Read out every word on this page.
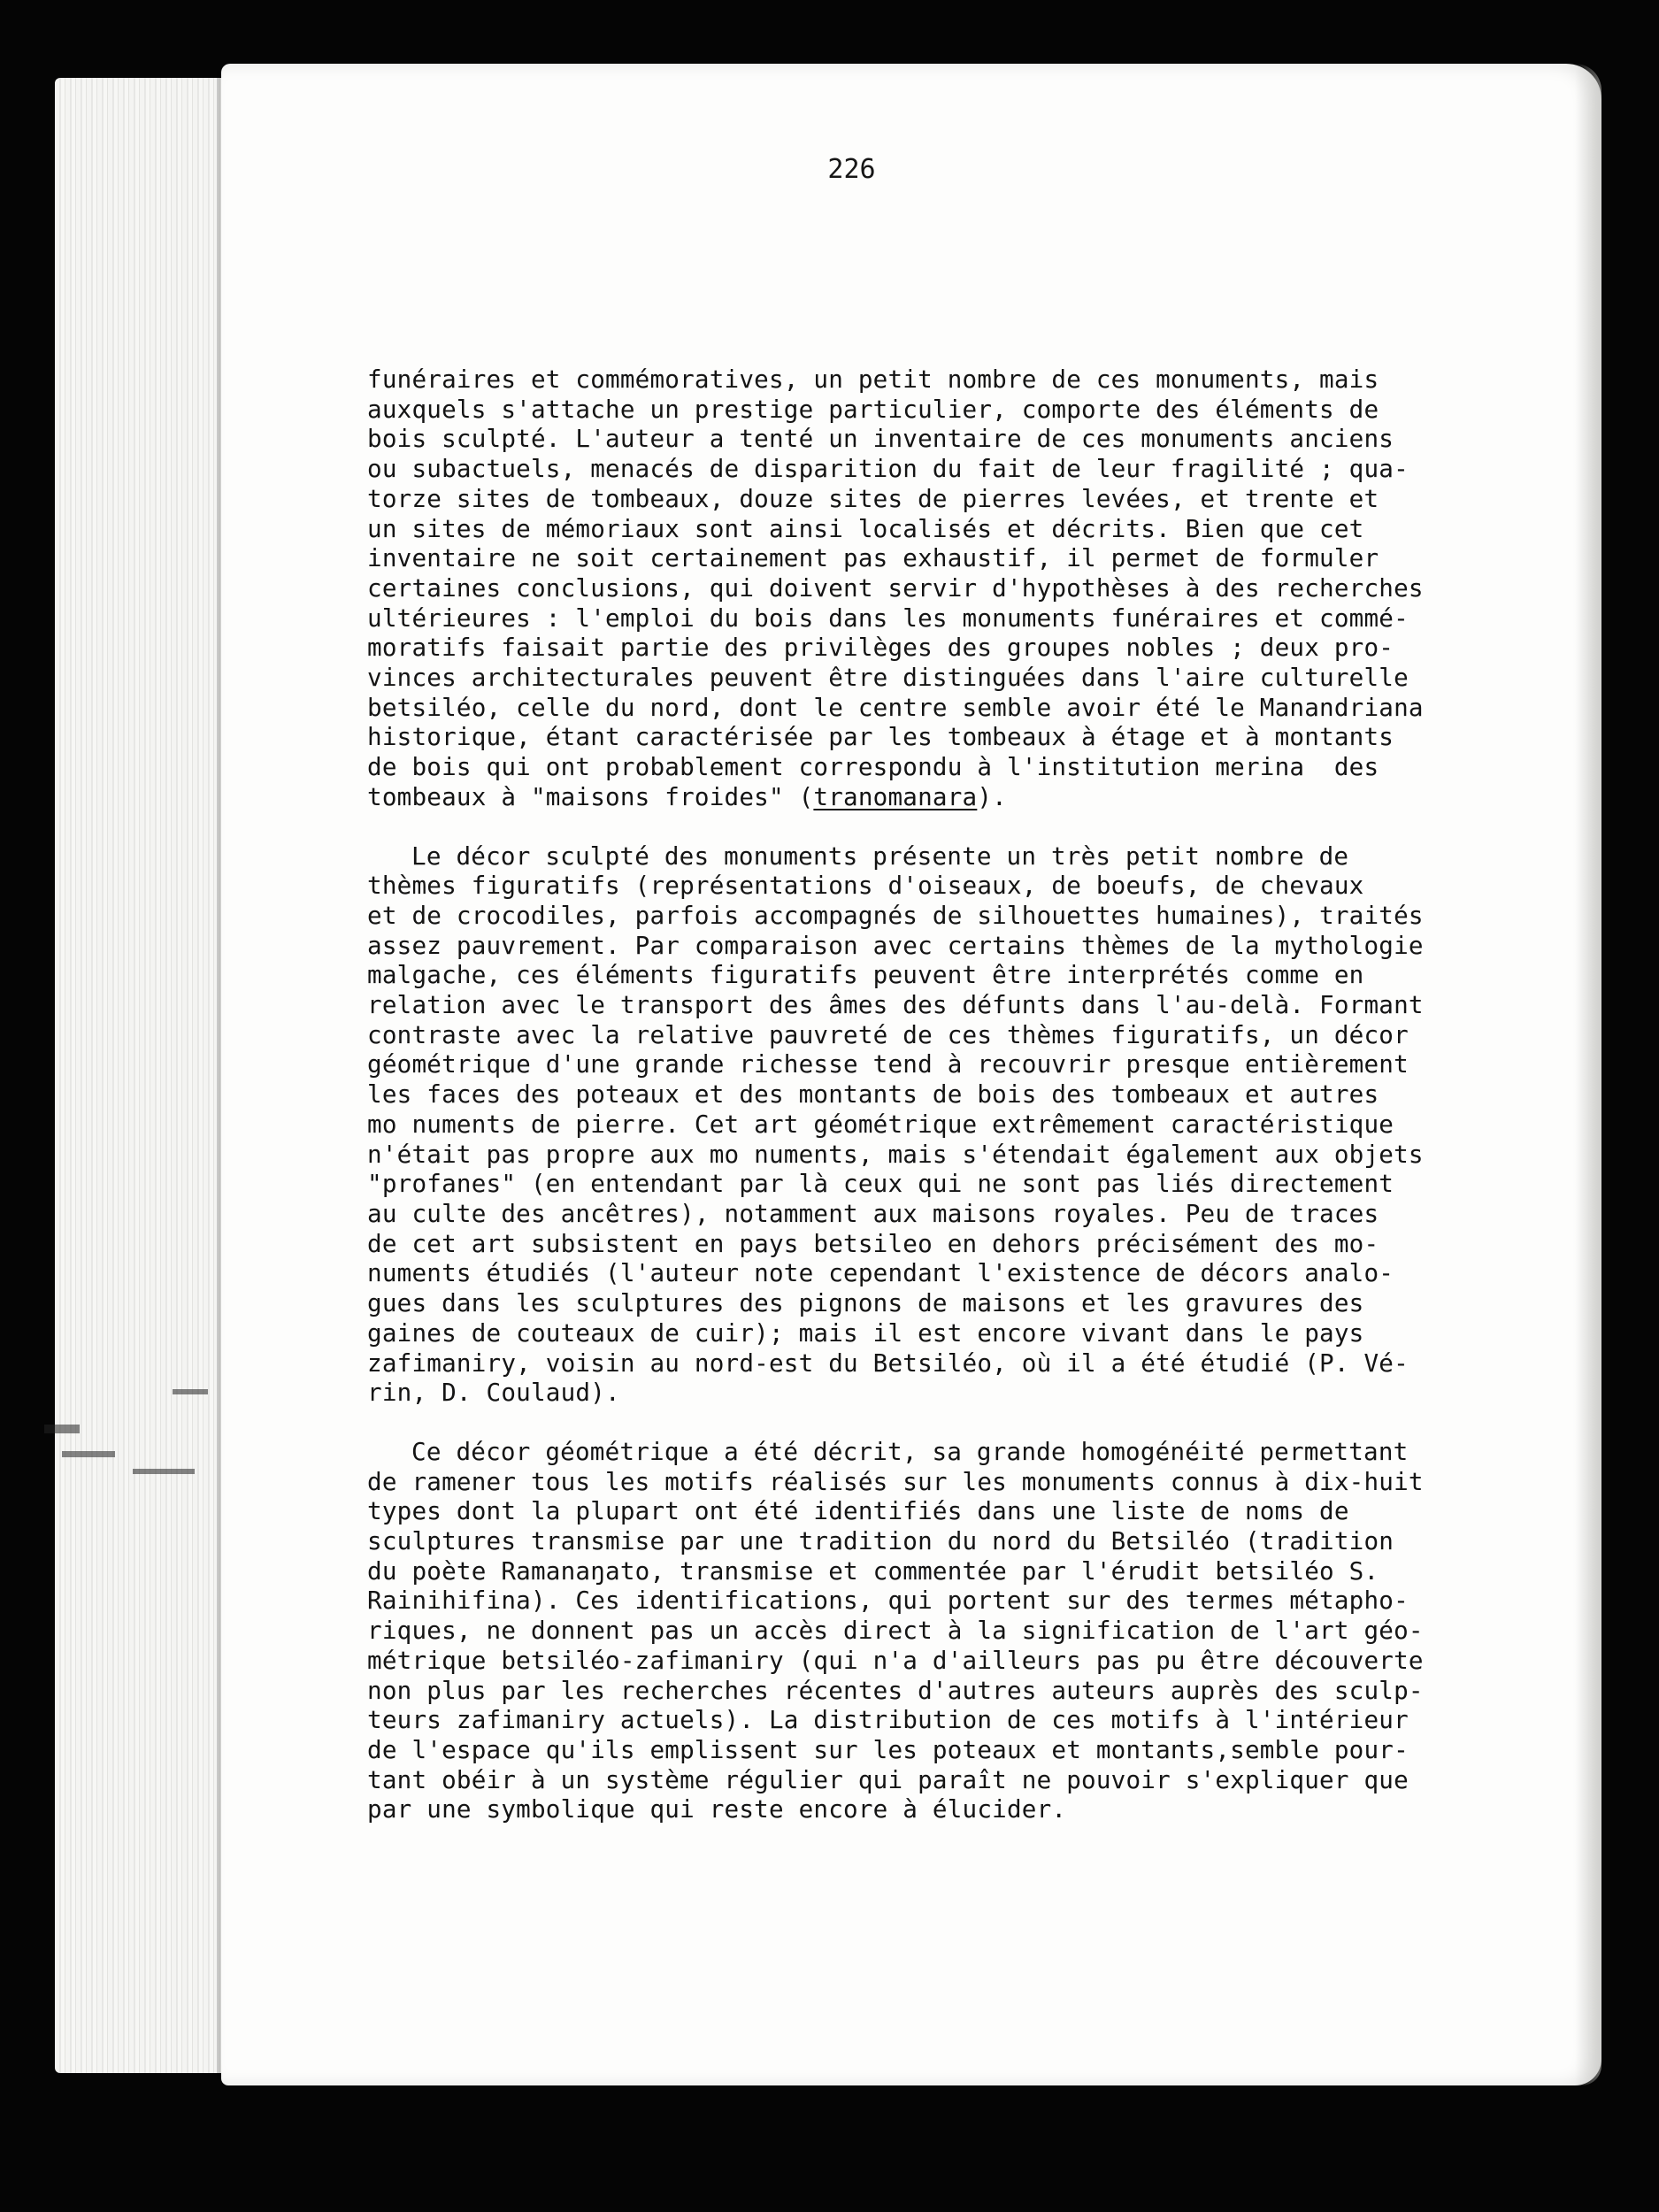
226

funéraires et commémoratives, un petit nombre de ces monuments, mais
auxquels s'attache un prestige particulier, comporte des éléments de
bois sculpté. L'auteur a tenté un inventaire de ces monuments anciens
ou subactuels, menacés de disparition du fait de leur fragilité ; qua-
torze sites de tombeaux, douze sites de pierres levées, et trente et
un sites de mémoriaux sont ainsi localisés et décrits. Bien que cet
inventaire ne soit certainement pas exhaustif, il permet de formuler
certaines conclusions, qui doivent servir d'hypothèses à des recherches
ultérieures : l'emploi du bois dans les monuments funéraires et commé-
moratifs faisait partie des privilèges des groupes nobles ; deux pro-
vinces architecturales peuvent être distinguées dans l'aire culturelle
betsiléo, celle du nord, dont le centre semble avoir été le Manandriana
historique, étant caractérisée par les tombeaux à étage et à montants
de bois qui ont probablement correspondu à l'institution merina  des
tombeaux à "maisons froides" (tranomanara).
Le décor sculpté des monuments présente un très petit nombre de
thèmes figuratifs (représentations d'oiseaux, de boeufs, de chevaux
et de crocodiles, parfois accompagnés de silhouettes humaines), traités
assez pauvrement. Par comparaison avec certains thèmes de la mythologie
malgache, ces éléments figuratifs peuvent être interprétés comme en
relation avec le transport des âmes des défunts dans l'au-delà. Formant
contraste avec la relative pauvreté de ces thèmes figuratifs, un décor
géométrique d'une grande richesse tend à recouvrir presque entièrement
les faces des poteaux et des montants de bois des tombeaux et autres
mo numents de pierre. Cet art géométrique extrêmement caractéristique
n'était pas propre aux mo numents, mais s'étendait également aux objets
"profanes" (en entendant par là ceux qui ne sont pas liés directement
au culte des ancêtres), notamment aux maisons royales. Peu de traces
de cet art subsistent en pays betsileo en dehors précisément des mo-
numents étudiés (l'auteur note cependant l'existence de décors analo-
gues dans les sculptures des pignons de maisons et les gravures des
gaines de couteaux de cuir); mais il est encore vivant dans le pays
zafimaniry, voisin au nord-est du Betsiléo, où il a été étudié (P. Vé-
rin, D. Coulaud).
Ce décor géométrique a été décrit, sa grande homogénéité permettant
de ramener tous les motifs réalisés sur les monuments connus à dix-huit
types dont la plupart ont été identifiés dans une liste de noms de
sculptures transmise par une tradition du nord du Betsiléo (tradition
du poète Ramanaŋato, transmise et commentée par l'érudit betsiléo S.
Rainihifina). Ces identifications, qui portent sur des termes métapho-
riques, ne donnent pas un accès direct à la signification de l'art géo-
métrique betsiléo-zafimaniry (qui n'a d'ailleurs pas pu être découverte
non plus par les recherches récentes d'autres auteurs auprès des sculp-
teurs zafimaniry actuels). La distribution de ces motifs à l'intérieur
de l'espace qu'ils emplissent sur les poteaux et montants,semble pour-
tant obéir à un système régulier qui paraît ne pouvoir s'expliquer que
par une symbolique qui reste encore à élucider.
